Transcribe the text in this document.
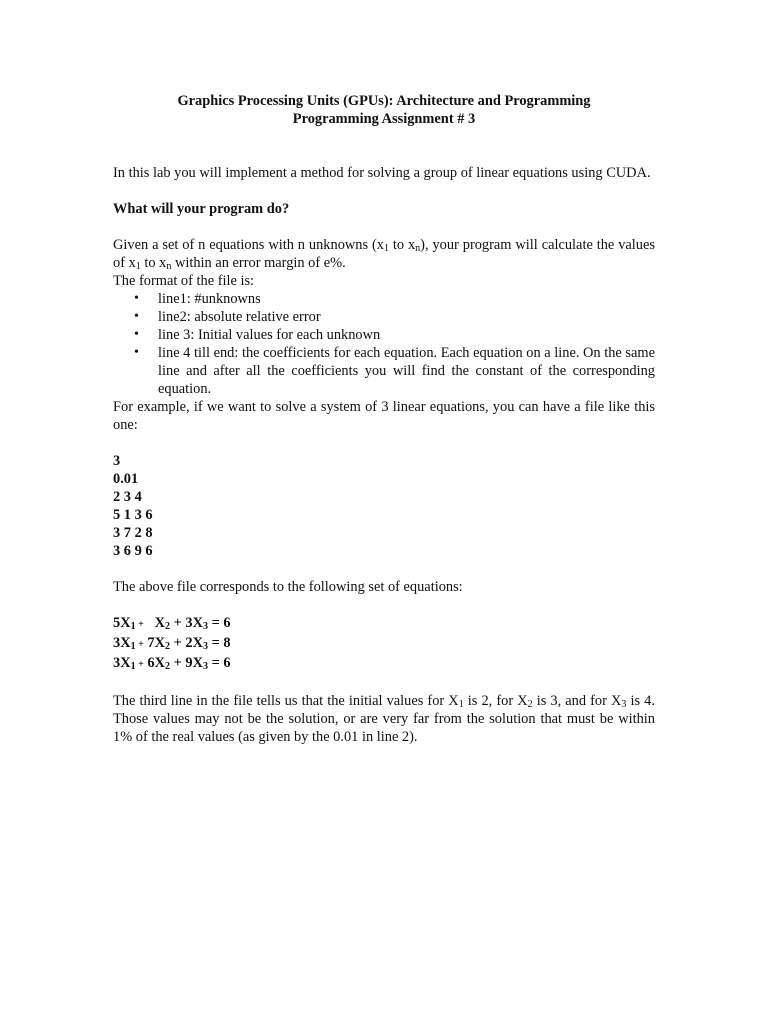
Graphics Processing Units (GPUs): Architecture and Programming
Programming Assignment # 3

In this lab you will implement a method for solving a group of linear equations using CUDA.

What will your program do?

Given a set of n equations with n unknowns ($x_1$ to $x_n$), your program will calculate the values of $x_1$ to $x_n$ within an error margin of e%.

The format of the file is:

• line1: #unknowns
• line2: absolute relative error
• line 3: Initial values for each unknown
• line 4 till end: the coefficients for each equation. Each equation on a line. On the same line and after all the coefficients you will find the constant of the corresponding equation.

For example, if we want to solve a system of 3 linear equations, you can have a file like this one:

3
0.01
2 3 4
5 1 3 6
3 7 2 8
3 6 9 6

The above file corresponds to the following set of equations:

$5X_1 + X_2 + 3X_3 = 6$
$3X_1 + 7X_2 + 2X_3 = 8$
$3X_1 + 6X_2 + 9X_3 = 6$

The third line in the file tells us that the initial values for $X_1$ is 2, for $X_2$ is 3, and for $X_3$ is 4. Those values may not be the solution, or are very far from the solution that must be within 1% of the real values (as given by the 0.01 in line 2).
